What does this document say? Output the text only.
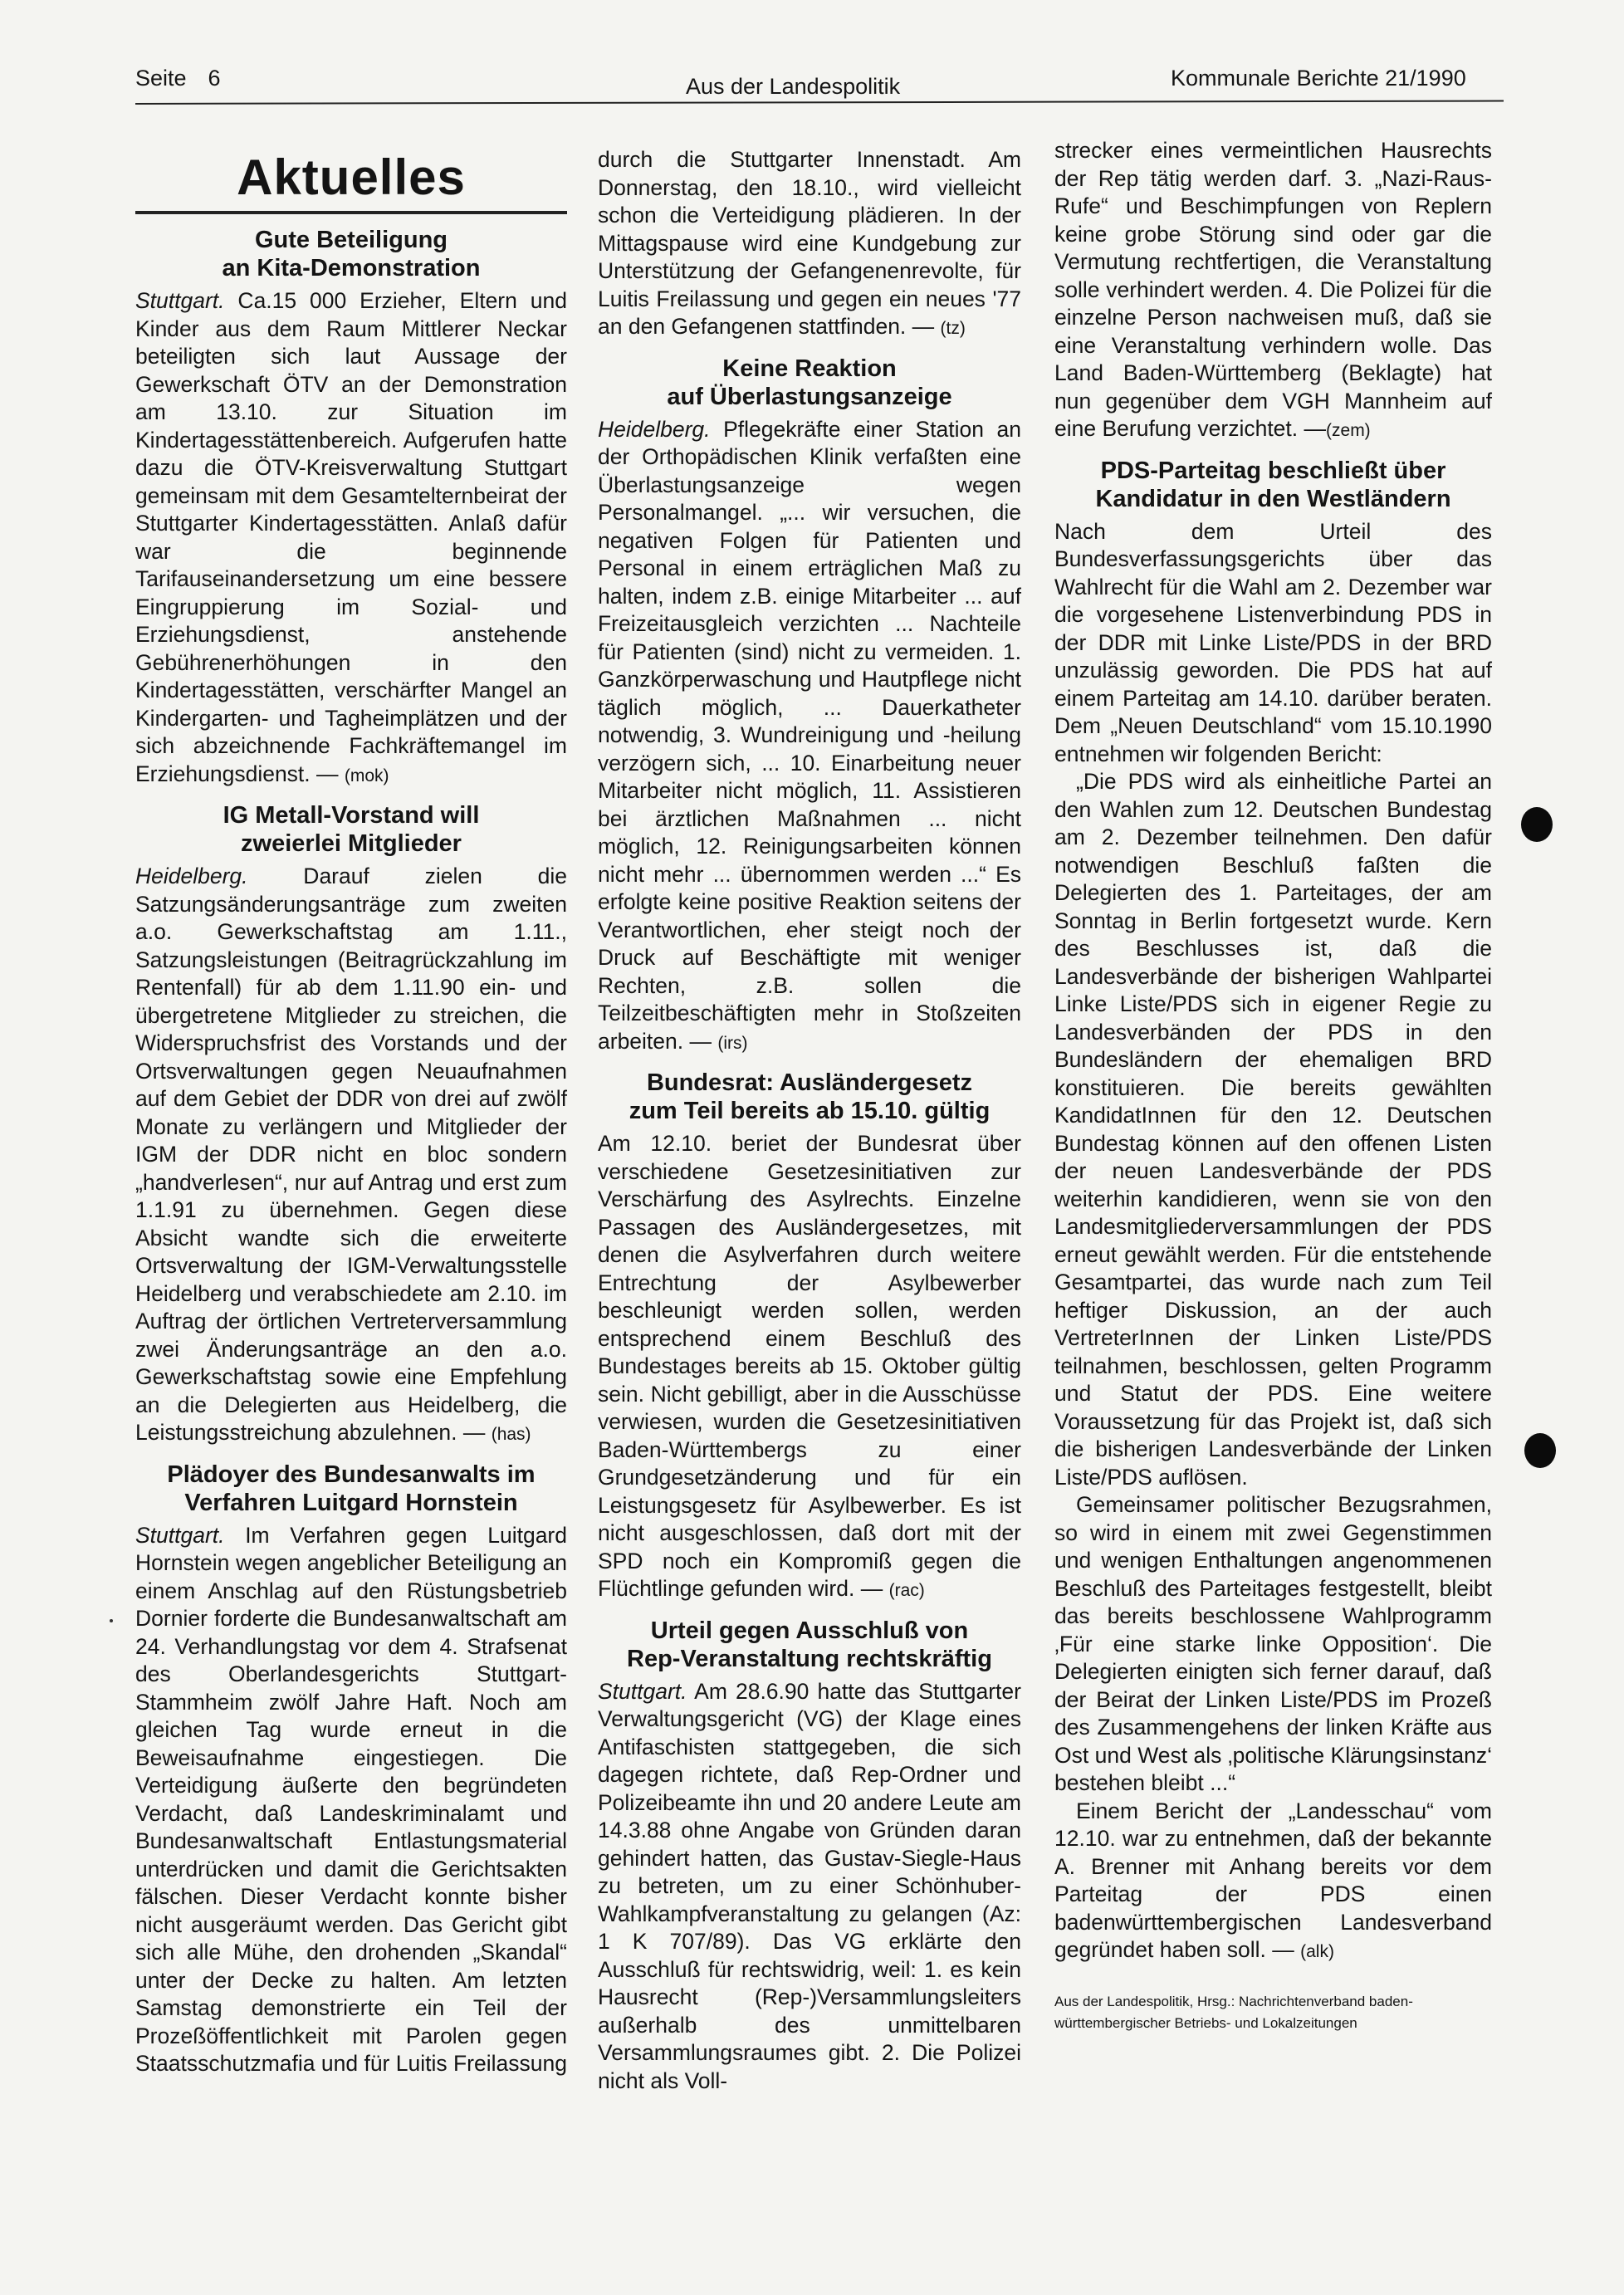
Seite 6	Aus der Landespolitik	Kommunale Berichte 21/1990
Aktuelles
Gute Beteiligung
an Kita-Demonstration

Stuttgart. Ca.15 000 Erzieher, Eltern und Kinder aus dem Raum Mittlerer Neckar beteiligten sich laut Aussage der Gewerkschaft ÖTV an der Demonstration am 13.10. zur Situation im Kindertagesstättenbereich. Aufgerufen hatte dazu die ÖTV-Kreisverwaltung Stuttgart gemeinsam mit dem Gesamtelternbeirat der Stuttgarter Kindertagesstätten. Anlaß dafür war die beginnende Tarifauseinandersetzung um eine bessere Eingruppierung im Sozial- und Erziehungsdienst, anstehende Gebührenerhöhungen in den Kindertagesstätten, verschärfter Mangel an Kindergarten- und Tagheimplätzen und der sich abzeichnende Fachkräftemangel im Erziehungsdienst. — (mok)

IG Metall-Vorstand will
zweierlei Mitglieder

Heidelberg. Darauf zielen die Satzungsänderungsanträge zum zweiten a.o. Gewerkschaftstag am 1.11., Satzungsleistungen (Beitragrückzahlung im Rentenfall) für ab dem 1.11.90 ein- und übergetretene Mitglieder zu streichen, die Widerspruchsfrist des Vorstands und der Ortsverwaltungen gegen Neuaufnahmen auf dem Gebiet der DDR von drei auf zwölf Monate zu verlängern und Mitglieder der IGM der DDR nicht en bloc sondern „handverlesen“, nur auf Antrag und erst zum 1.1.91 zu übernehmen. Gegen diese Absicht wandte sich die erweiterte Ortsverwaltung der IGM-Verwaltungsstelle Heidelberg und verabschiedete am 2.10. im Auftrag der örtlichen Vertreterversammlung zwei Änderungsanträge an den a.o. Gewerkschaftstag sowie eine Empfehlung an die Delegierten aus Heidelberg, die Leistungsstreichung abzulehnen. — (has)

Plädoyer des Bundesanwalts im
Verfahren Luitgard Hornstein

Stuttgart. Im Verfahren gegen Luitgard Hornstein wegen angeblicher Beteiligung an einem Anschlag auf den Rüstungsbetrieb Dornier forderte die Bundesanwaltschaft am 24. Verhandlungstag vor dem 4. Strafsenat des Oberlandesgerichts Stuttgart-Stammheim zwölf Jahre Haft. Noch am gleichen Tag wurde erneut in die Beweisaufnahme eingestiegen. Die Verteidigung äußerte den begründeten Verdacht, daß Landeskriminalamt und Bundesanwaltschaft Entlastungsmaterial unterdrücken und damit die Gerichtsakten fälschen. Dieser Verdacht konnte bisher nicht ausgeräumt werden. Das Gericht gibt sich alle Mühe, den drohenden „Skandal“ unter der Decke zu halten. Am letzten Samstag demonstrierte ein Teil der Prozeßöffentlichkeit mit Parolen gegen Staatsschutzmafia und für Luitis Freilassung

durch die Stuttgarter Innenstadt. Am Donnerstag, den 18.10., wird vielleicht schon die Verteidigung plädieren. In der Mittagspause wird eine Kundgebung zur Unterstützung der Gefangenenrevolte, für Luitis Freilassung und gegen ein neues '77 an den Gefangenen stattfinden. — (tz)

Keine Reaktion
auf Überlastungsanzeige

Heidelberg. Pflegekräfte einer Station an der Orthopädischen Klinik verfaßten eine Überlastungsanzeige wegen Personalmangel. „... wir versuchen, die negativen Folgen für Patienten und Personal in einem erträglichen Maß zu halten, indem z.B. einige Mitarbeiter ... auf Freizeitausgleich verzichten ... Nachteile für Patienten (sind) nicht zu vermeiden. 1. Ganzkörperwaschung und Hautpflege nicht täglich möglich, ... Dauerkatheter notwendig, 3. Wundreinigung und -heilung verzögern sich, ... 10. Einarbeitung neuer Mitarbeiter nicht möglich, 11. Assistieren bei ärztlichen Maßnahmen ... nicht möglich, 12. Reinigungsarbeiten können nicht mehr ... übernommen werden ...“ Es erfolgte keine positive Reaktion seitens der Verantwortlichen, eher steigt noch der Druck auf Beschäftigte mit weniger Rechten, z.B. sollen die Teilzeitbeschäftigten mehr in Stoßzeiten arbeiten. — (irs)

Bundesrat: Ausländergesetz
zum Teil bereits ab 15.10. gültig

Am 12.10. beriet der Bundesrat über verschiedene Gesetzesinitiativen zur Verschärfung des Asylrechts. Einzelne Passagen des Ausländergesetzes, mit denen die Asylverfahren durch weitere Entrechtung der Asylbewerber beschleunigt werden sollen, werden entsprechend einem Beschluß des Bundestages bereits ab 15. Oktober gültig sein. Nicht gebilligt, aber in die Ausschüsse verwiesen, wurden die Gesetzesinitiativen Baden-Württembergs zu einer Grundgesetzänderung und für ein Leistungsgesetz für Asylbewerber. Es ist nicht ausgeschlossen, daß dort mit der SPD noch ein Kompromiß gegen die Flüchtlinge gefunden wird. — (rac)

Urteil gegen Ausschluß von
Rep-Veranstaltung rechtskräftig

Stuttgart. Am 28.6.90 hatte das Stuttgarter Verwaltungsgericht (VG) der Klage eines Antifaschisten stattgegeben, die sich dagegen richtete, daß Rep-Ordner und Polizeibeamte ihn und 20 andere Leute am 14.3.88 ohne Angabe von Gründen daran gehindert hatten, das Gustav-Siegle-Haus zu betreten, um zu einer Schönhuber-Wahlkampfveranstaltung zu gelangen (Az: 1 K 707/89). Das VG erklärte den Ausschluß für rechtswidrig, weil: 1. es kein Hausrecht (Rep-)Versammlungsleiters außerhalb des unmittelbaren Versammlungsraumes gibt. 2. Die Polizei nicht als Voll-

strecker eines vermeintlichen Hausrechts der Rep tätig werden darf. 3. „Nazi-Raus-Rufe“ und Beschimpfungen von Replern keine grobe Störung sind oder gar die Vermutung rechtfertigen, die Veranstaltung solle verhindert werden. 4. Die Polizei für die einzelne Person nachweisen muß, daß sie eine Veranstaltung verhindern wolle. Das Land Baden-Württemberg (Beklagte) hat nun gegenüber dem VGH Mannheim auf eine Berufung verzichtet. —(zem)

PDS-Parteitag beschließt über
Kandidatur in den Westländern

Nach dem Urteil des Bundesverfassungsgerichts über das Wahlrecht für die Wahl am 2. Dezember war die vorgesehene Listenverbindung PDS in der DDR mit Linke Liste/PDS in der BRD unzulässig geworden. Die PDS hat auf einem Parteitag am 14.10. darüber beraten. Dem „Neuen Deutschland“ vom 15.10.1990 entnehmen wir folgenden Bericht:

„Die PDS wird als einheitliche Partei an den Wahlen zum 12. Deutschen Bundestag am 2. Dezember teilnehmen. Den dafür notwendigen Beschluß faßten die Delegierten des 1. Parteitages, der am Sonntag in Berlin fortgesetzt wurde. Kern des Beschlusses ist, daß die Landesverbände der bisherigen Wahlpartei Linke Liste/PDS sich in eigener Regie zu Landesverbänden der PDS in den Bundesländern der ehemaligen BRD konstituieren. Die bereits gewählten KandidatInnen für den 12. Deutschen Bundestag können auf den offenen Listen der neuen Landesverbände der PDS weiterhin kandidieren, wenn sie von den Landesmitgliederversammlungen der PDS erneut gewählt werden. Für die entstehende Gesamtpartei, das wurde nach zum Teil heftiger Diskussion, an der auch VertreterInnen der Linken Liste/PDS teilnahmen, beschlossen, gelten Programm und Statut der PDS. Eine weitere Voraussetzung für das Projekt ist, daß sich die bisherigen Landesverbände der Linken Liste/PDS auflösen.

Gemeinsamer politischer Bezugsrahmen, so wird in einem mit zwei Gegenstimmen und wenigen Enthaltungen angenommenen Beschluß des Parteitages festgestellt, bleibt das bereits beschlossene Wahlprogramm ‚Für eine starke linke Opposition‘. Die Delegierten einigten sich ferner darauf, daß der Beirat der Linken Liste/PDS im Prozeß des Zusammengehens der linken Kräfte aus Ost und West als ‚politische Klärungsinstanz‘ bestehen bleibt ...“

Einem Bericht der „Landesschau“ vom 12.10. war zu entnehmen, daß der bekannte A. Brenner mit Anhang bereits vor dem Parteitag der PDS einen badenwürttembergischen Landesverband gegründet haben soll. — (alk)

Aus der Landespolitik, Hrsg.: Nachrichtenverband baden-württembergischer Betriebs- und Lokalzeitungen
